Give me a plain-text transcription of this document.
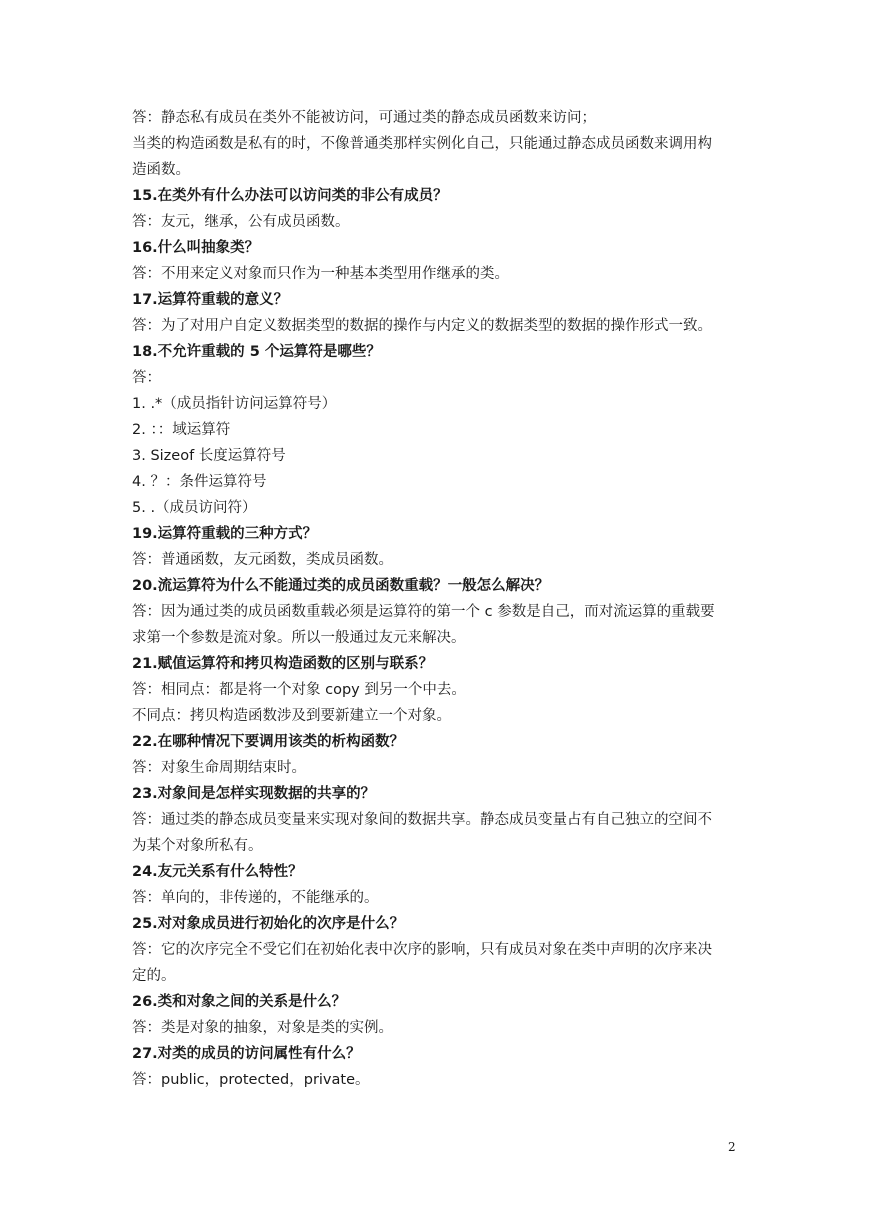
答：静态私有成员在类外不能被访问，可通过类的静态成员函数来访问；
当类的构造函数是私有的时，不像普通类那样实例化自己，只能通过静态成员函数来调用构
造函数。
15.在类外有什么办法可以访问类的非公有成员？
答：友元，继承，公有成员函数。
16.什么叫抽象类？
答：不用来定义对象而只作为一种基本类型用作继承的类。
17.运算符重载的意义？
答：为了对用户自定义数据类型的数据的操作与内定义的数据类型的数据的操作形式一致。
18.不允许重载的 5 个运算符是哪些？
答：
1. .*（成员指针访问运算符号）
2. ：：域运算符
3. Sizeof 长度运算符号
4. ？：条件运算符号
5. .（成员访问符）
19.运算符重载的三种方式？
答：普通函数，友元函数，类成员函数。
20.流运算符为什么不能通过类的成员函数重载？一般怎么解决？
答：因为通过类的成员函数重载必须是运算符的第一个 c 参数是自己，而对流运算的重载要
求第一个参数是流对象。所以一般通过友元来解决。
21.赋值运算符和拷贝构造函数的区别与联系？
答：相同点：都是将一个对象 copy 到另一个中去。
不同点：拷贝构造函数涉及到要新建立一个对象。
22.在哪种情况下要调用该类的析构函数？
答：对象生命周期结束时。
23.对象间是怎样实现数据的共享的？
答：通过类的静态成员变量来实现对象间的数据共享。静态成员变量占有自己独立的空间不
为某个对象所私有。
24.友元关系有什么特性？
答：单向的，非传递的，不能继承的。
25.对对象成员进行初始化的次序是什么？
答：它的次序完全不受它们在初始化表中次序的影响，只有成员对象在类中声明的次序来决
定的。
26.类和对象之间的关系是什么？
答：类是对象的抽象，对象是类的实例。
27.对类的成员的访问属性有什么？
答：public，protected，private。
2
